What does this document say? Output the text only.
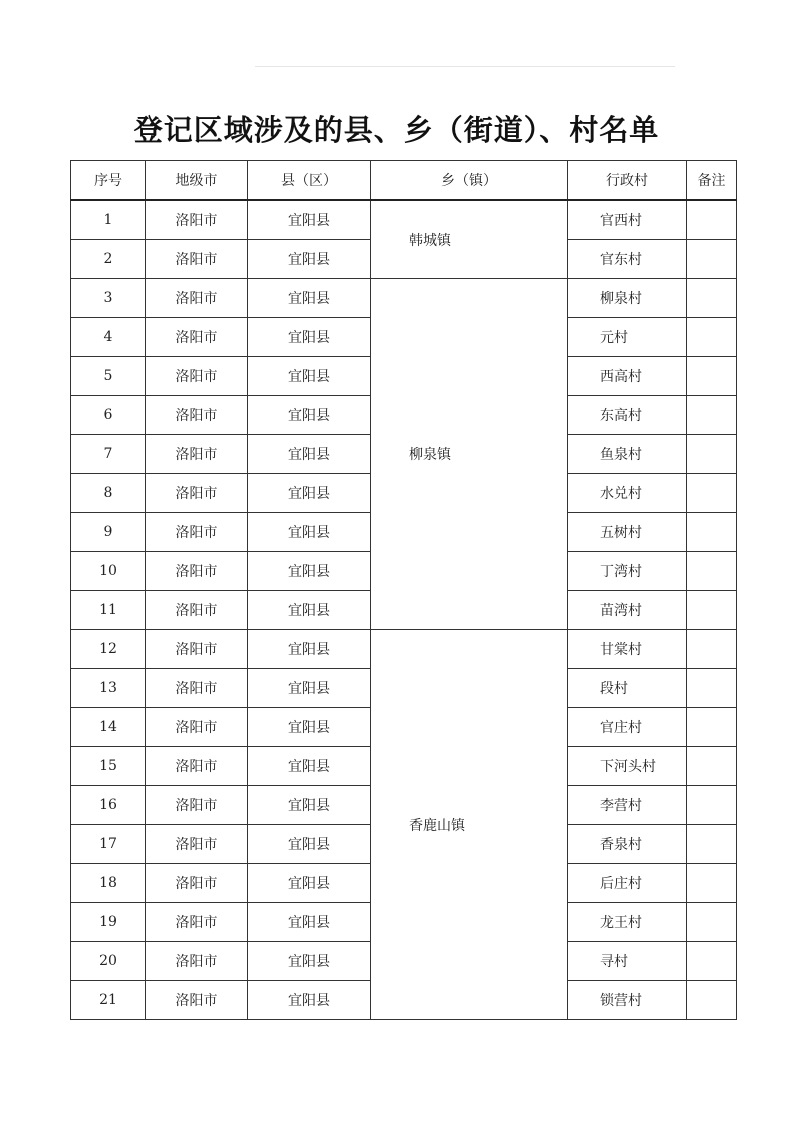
登记区域涉及的县、乡（街道）、村名单
序号	地级市	县（区）	乡（镇）	行政村	备注
1	洛阳市	宜阳县	韩城镇	官西村	
2	洛阳市	宜阳县		官东村	
3	洛阳市	宜阳县	柳泉镇	柳泉村	
4	洛阳市	宜阳县		元村	
5	洛阳市	宜阳县		西高村	
6	洛阳市	宜阳县		东高村	
7	洛阳市	宜阳县		鱼泉村	
8	洛阳市	宜阳县		水兑村	
9	洛阳市	宜阳县		五树村	
10	洛阳市	宜阳县		丁湾村	
11	洛阳市	宜阳县		苗湾村	
12	洛阳市	宜阳县	香鹿山镇	甘棠村	
13	洛阳市	宜阳县		段村	
14	洛阳市	宜阳县		官庄村	
15	洛阳市	宜阳县		下河头村	
16	洛阳市	宜阳县		李营村	
17	洛阳市	宜阳县		香泉村	
18	洛阳市	宜阳县		后庄村	
19	洛阳市	宜阳县		龙王村	
20	洛阳市	宜阳县		寻村	
21	洛阳市	宜阳县		锁营村	
